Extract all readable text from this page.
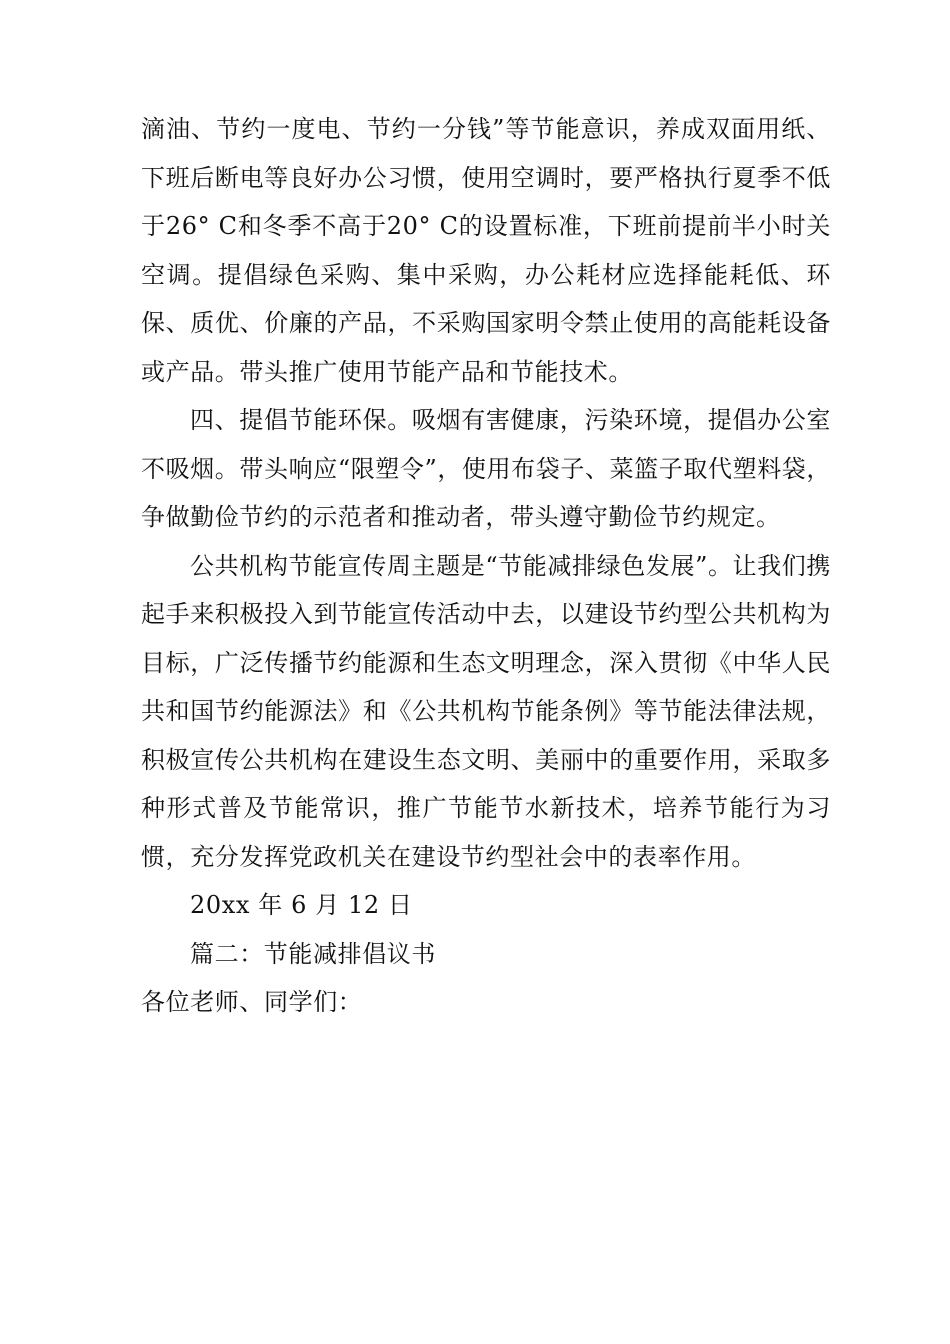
滴油、节约一度电、节约一分钱”等节能意识，养成双面用纸、下班后断电等良好办公习惯，使用空调时，要严格执行夏季不低于26° C和冬季不高于20° C的设置标准，下班前提前半小时关空调。提倡绿色采购、集中采购，办公耗材应选择能耗低、环保、质优、价廉的产品，不采购国家明令禁止使用的高能耗设备或产品。带头推广使用节能产品和节能技术。

四、提倡节能环保。吸烟有害健康，污染环境，提倡办公室不吸烟。带头响应“限塑令”，使用布袋子、菜篮子取代塑料袋，争做勤俭节约的示范者和推动者，带头遵守勤俭节约规定。

公共机构节能宣传周主题是“节能减排绿色发展”。让我们携起手来积极投入到节能宣传活动中去，以建设节约型公共机构为目标，广泛传播节约能源和生态文明理念，深入贯彻《中华人民共和国节约能源法》和《公共机构节能条例》等节能法律法规，积极宣传公共机构在建设生态文明、美丽中的重要作用，采取多种形式普及节能常识，推广节能节水新技术，培养节能行为习惯，充分发挥党政机关在建设节约型社会中的表率作用。

20xx 年 6 月 12 日

篇二：节能减排倡议书

各位老师、同学们：
